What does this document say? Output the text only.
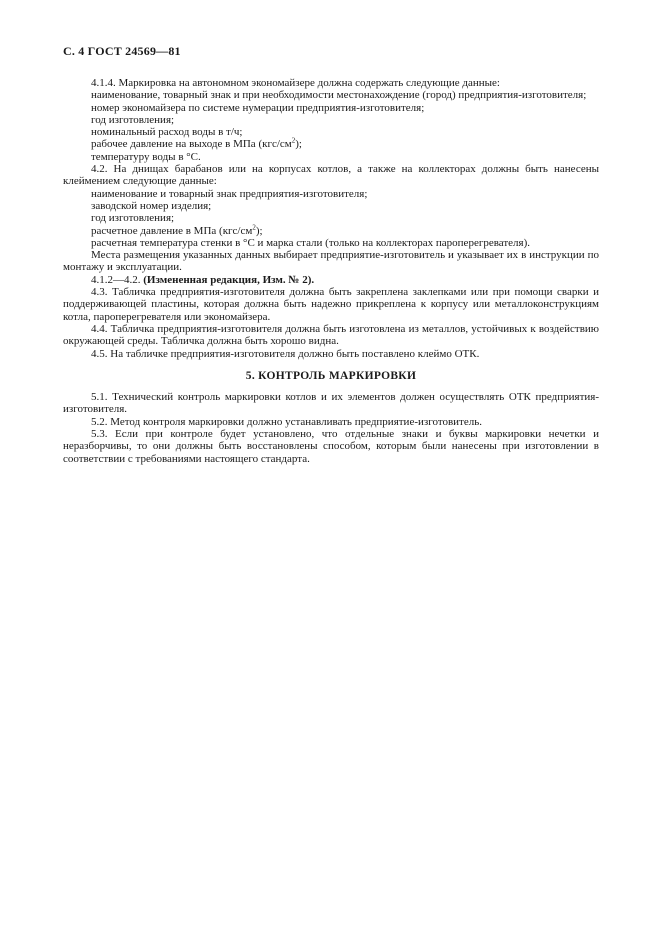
С. 4 ГОСТ 24569—81

4.1.4. Маркировка на автономном экономайзере должна содержать следующие данные:

наименование, товарный знак и при необходимости местонахождение (город) предприятия-изготовителя;

номер экономайзера по системе нумерации предприятия-изготовителя;

год изготовления;

номинальный расход воды в т/ч;

рабочее давление на выходе в МПа $(кгс/см^2)$;

температуру воды в °С.

4.2. На днищах барабанов или на корпусах котлов, а также на коллекторах должны быть нанесены клеймением следующие данные:

наименование и товарный знак предприятия-изготовителя;

заводской номер изделия;

год изготовления;

расчетное давление в МПа $(кгс/см^2)$;

расчетная температура стенки в °С и марка стали (только на коллекторах пароперегревателя).

Места размещения указанных данных выбирает предприятие-изготовитель и указывает их в инструкции по монтажу и эксплуатации.

4.1.2—4.2. (Измененная редакция, Изм. № 2).

4.3. Табличка предприятия-изготовителя должна быть закреплена заклепками или при помощи сварки и поддерживающей пластины, которая должна быть надежно прикреплена к корпусу или металлоконструкциям котла, пароперегревателя или экономайзера.

4.4. Табличка предприятия-изготовителя должна быть изготовлена из металлов, устойчивых к воздействию окружающей среды. Табличка должна быть хорошо видна.

4.5. На табличке предприятия-изготовителя должно быть поставлено клеймо ОТК.

5. КОНТРОЛЬ МАРКИРОВКИ

5.1. Технический контроль маркировки котлов и их элементов должен осуществлять ОТК предприятия-изготовителя.

5.2. Метод контроля маркировки должно устанавливать предприятие-изготовитель.

5.3. Если при контроле будет установлено, что отдельные знаки и буквы маркировки нечетки и неразборчивы, то они должны быть восстановлены способом, которым были нанесены при изготовлении в соответствии с требованиями настоящего стандарта.
